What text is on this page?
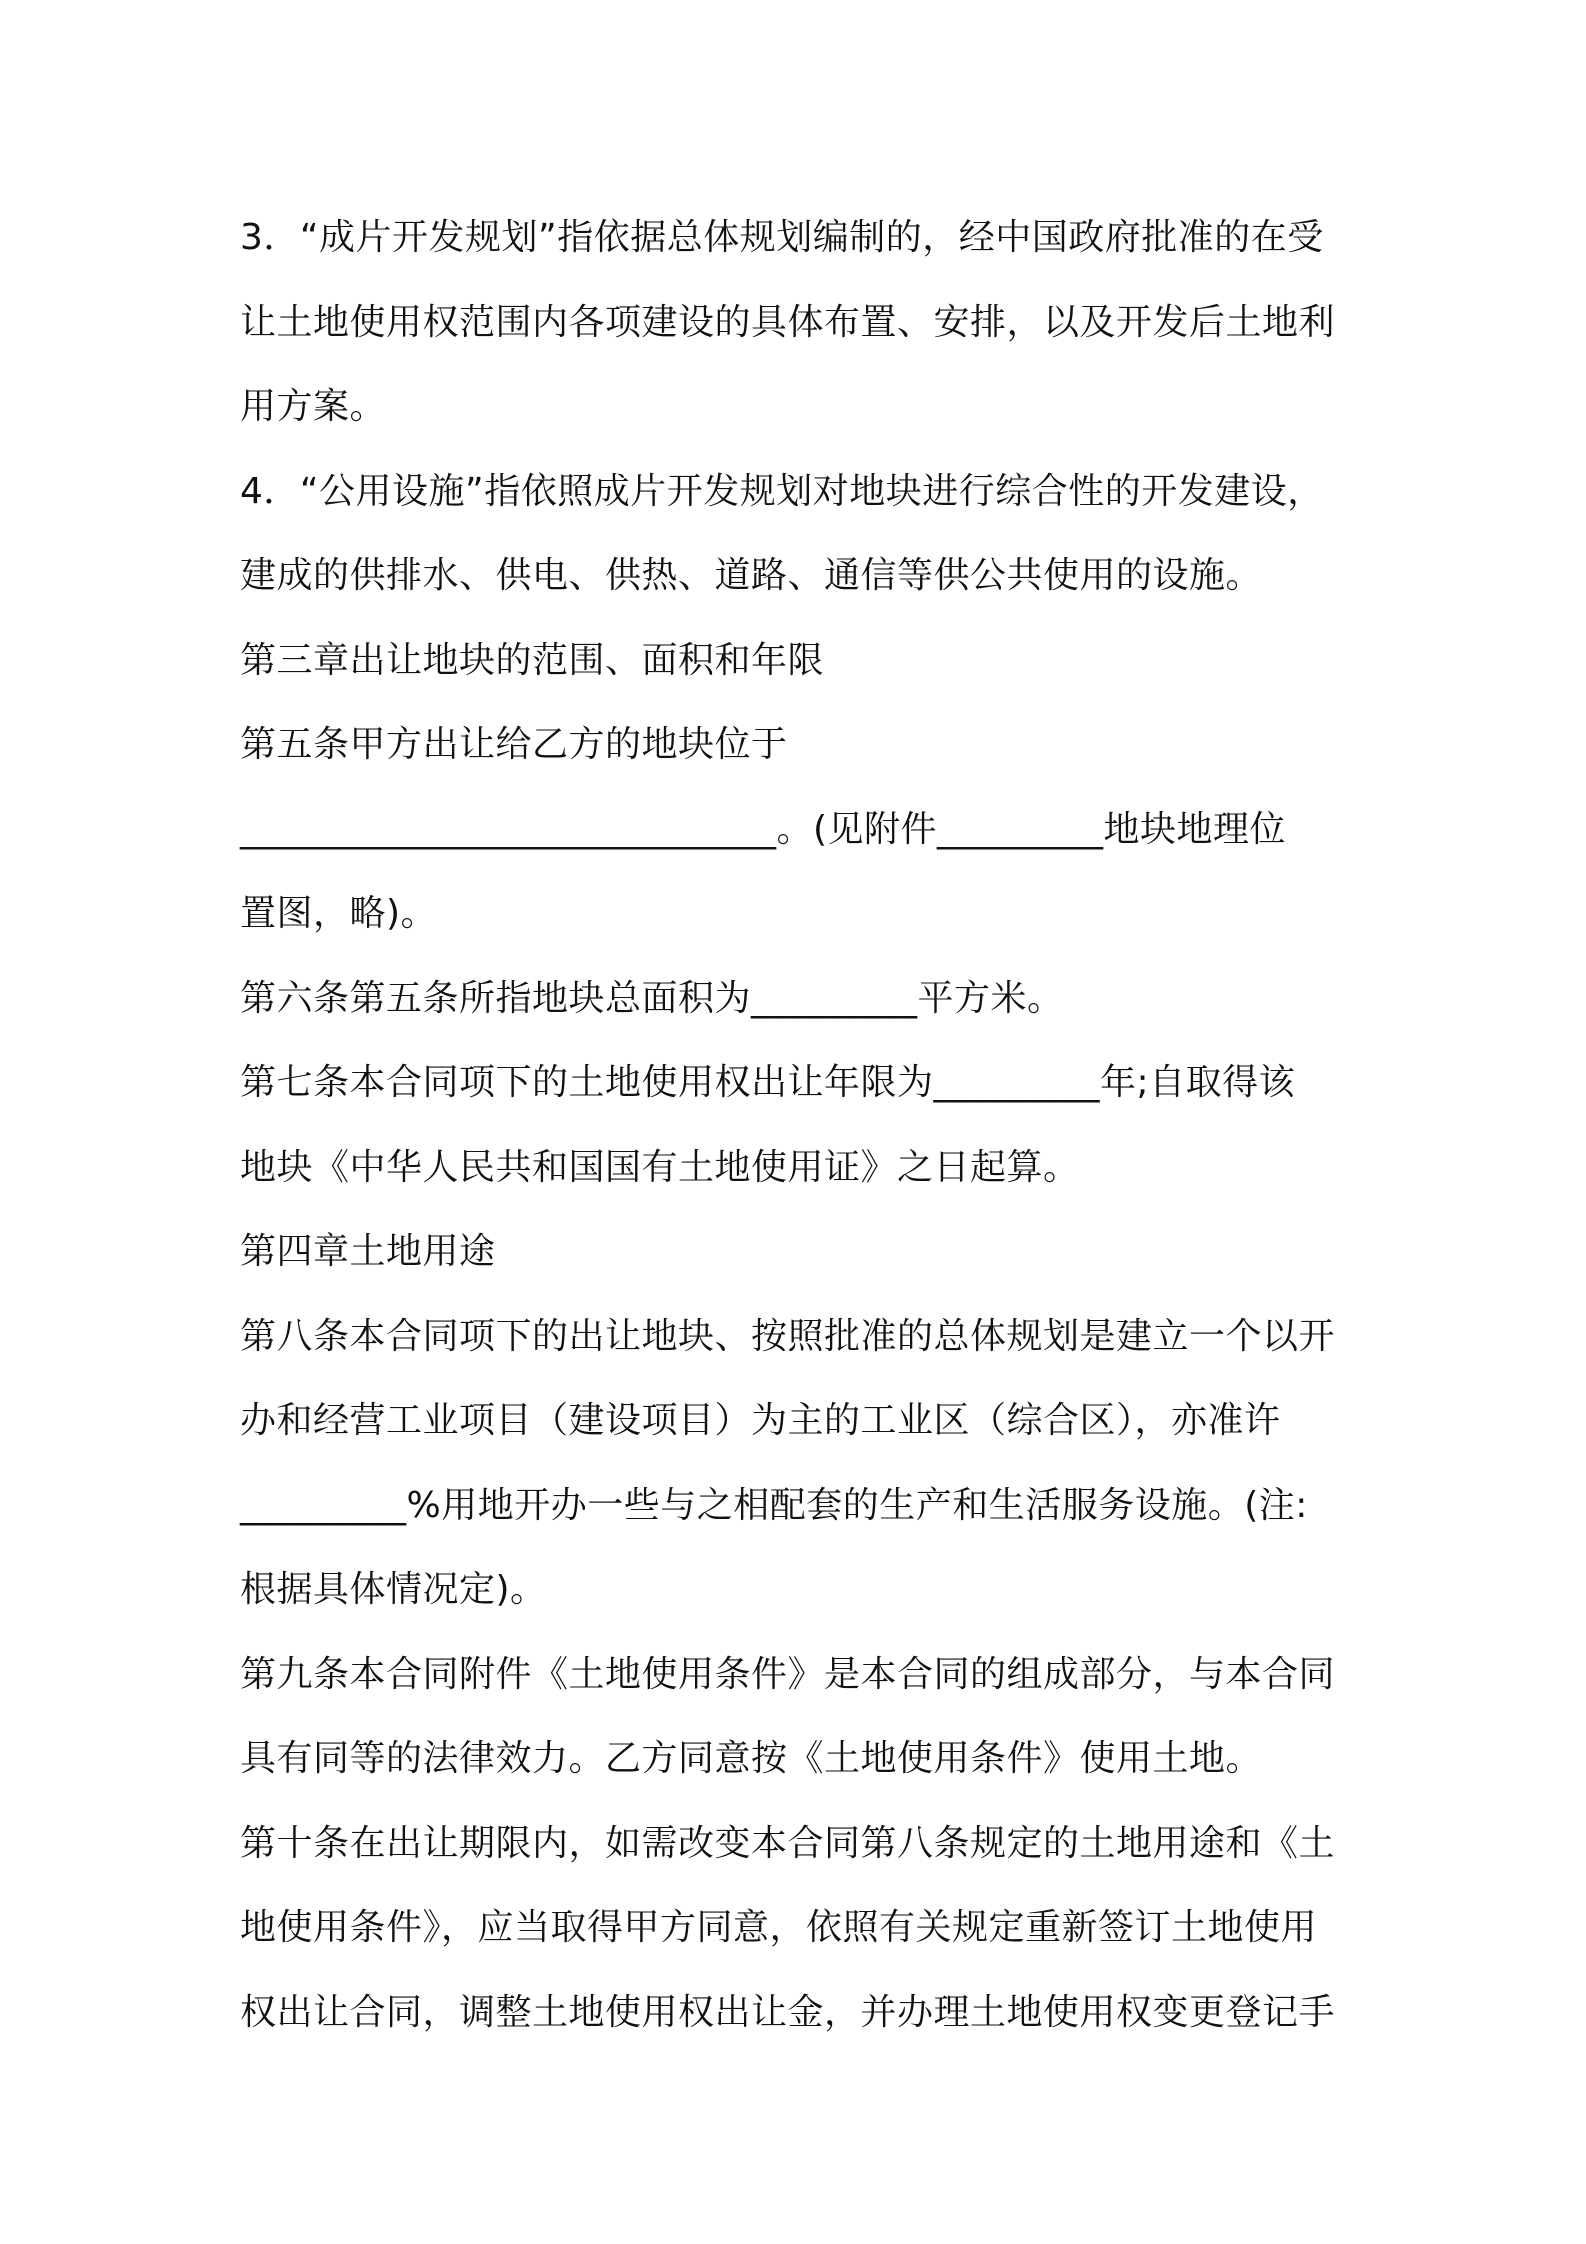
3．“成片开发规划”指依据总体规划编制的，经中国政府批准的在受
让土地使用权范围内各项建设的具体布置、安排，以及开发后土地利
用方案。
4．“公用设施”指依照成片开发规划对地块进行综合性的开发建设，
建成的供排水、供电、供热、道路、通信等供公共使用的设施。
第三章出让地块的范围、面积和年限
第五条甲方出让给乙方的地块位于
_____________________________。(见附件_________地块地理位
置图，略)。
第六条第五条所指地块总面积为_________平方米。
第七条本合同项下的土地使用权出让年限为_________年;自取得该
地块《中华人民共和国国有土地使用证》之日起算。
第四章土地用途
第八条本合同项下的出让地块、按照批准的总体规划是建立一个以开
办和经营工业项目（建设项目）为主的工业区（综合区），亦准许
_________%用地开办一些与之相配套的生产和生活服务设施。(注:
根据具体情况定)。
第九条本合同附件《土地使用条件》是本合同的组成部分，与本合同
具有同等的法律效力。乙方同意按《土地使用条件》使用土地。
第十条在出让期限内，如需改变本合同第八条规定的土地用途和《土
地使用条件》，应当取得甲方同意，依照有关规定重新签订土地使用
权出让合同，调整土地使用权出让金，并办理土地使用权变更登记手
